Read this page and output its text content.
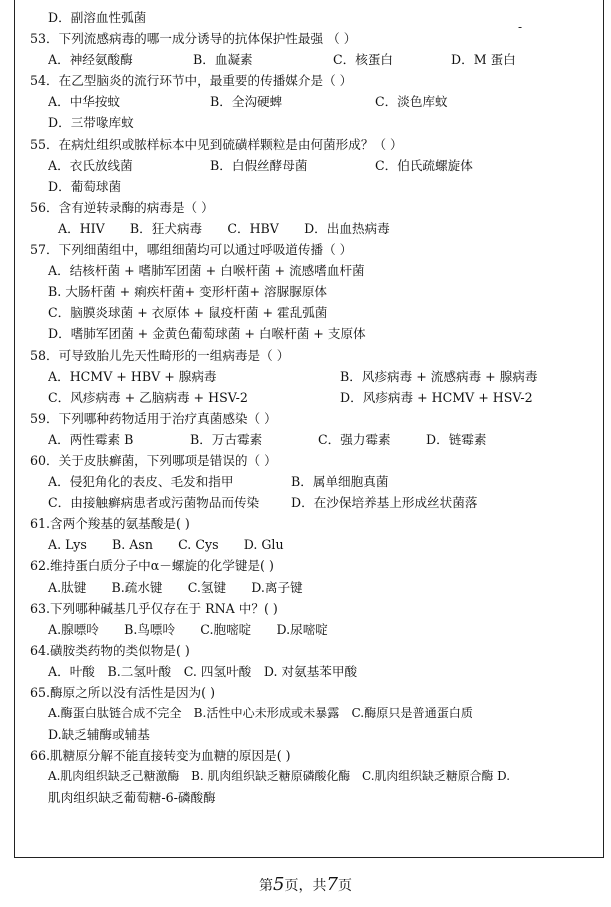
-
D．副溶血性弧菌
53．下列流感病毒的哪一成分诱导的抗体保护性最强 （ ）
A．神经氨酸酶	B．血凝素	C．核蛋白	D．M 蛋白
54．在乙型脑炎的流行环节中，最重要的传播媒介是（ ）
A．中华按蚊	B．全沟硬蜱	C．淡色库蚊
D．三带喙库蚊
55．在病灶组织或脓样标本中见到硫磺样颗粒是由何菌形成？（ ）
A．衣氏放线菌	B．白假丝酵母菌	C．伯氏疏螺旋体
D．葡萄球菌
56．含有逆转录酶的病毒是（ ）
A．HIV　　B．狂犬病毒　　C．HBV　　D．出血热病毒
57．下列细菌组中，哪组细菌均可以通过呼吸道传播（ ）
A．结核杆菌 + 嗜肺军团菌 + 白喉杆菌 + 流感嗜血杆菌
B. 大肠杆菌 + 痢疾杆菌+ 变形杆菌+ 溶脲脲原体
C．脑膜炎球菌 + 衣原体 + 鼠疫杆菌 + 霍乱弧菌
D．嗜肺军团菌 + 金黄色葡萄球菌 + 白喉杆菌 + 支原体
58．可导致胎儿先天性畸形的一组病毒是（ ）
A．HCMV + HBV + 腺病毒	B．风疹病毒 + 流感病毒 + 腺病毒
C．风疹病毒 + 乙脑病毒 + HSV-2	D．风疹病毒 + HCMV + HSV-2
59．下列哪种药物适用于治疗真菌感染（ ）
A．两性霉素 B	B．万古霉素	C．强力霉素	D．链霉素
60．关于皮肤癣菌，下列哪项是错误的（ ）
A．侵犯角化的表皮、毛发和指甲	B．属单细胞真菌
C．由接触癣病患者或污菌物品而传染	D．在沙保培养基上形成丝状菌落
61.含两个羧基的氨基酸是( )
A. Lys　　B. Asn　　C. Cys　　D. Glu
62.维持蛋白质分子中α－螺旋的化学键是( )
A.肽键　　B.疏水键　　C.氢键　　D.离子键
63.下列哪种碱基几乎仅存在于 RNA 中？( )
A.腺嘌呤　　B.鸟嘌呤　　C.胞嘧啶　　D.尿嘧啶
64.磺胺类药物的类似物是( )
A．叶酸　B.二氢叶酸　C. 四氢叶酸　D. 对氨基苯甲酸
65.酶原之所以没有活性是因为( )
A.酶蛋白肽链合成不完全　B.活性中心未形成或未暴露　C.酶原只是普通蛋白质
D.缺乏辅酶或辅基
66.肌糖原分解不能直接转变为血糖的原因是( )
A.肌肉组织缺乏己糖激酶　B. 肌肉组织缺乏糖原磷酸化酶　C.肌肉组织缺乏糖原合酶 D.
肌肉组织缺乏葡萄糖-6-磷酸酶
第5页，共7页
